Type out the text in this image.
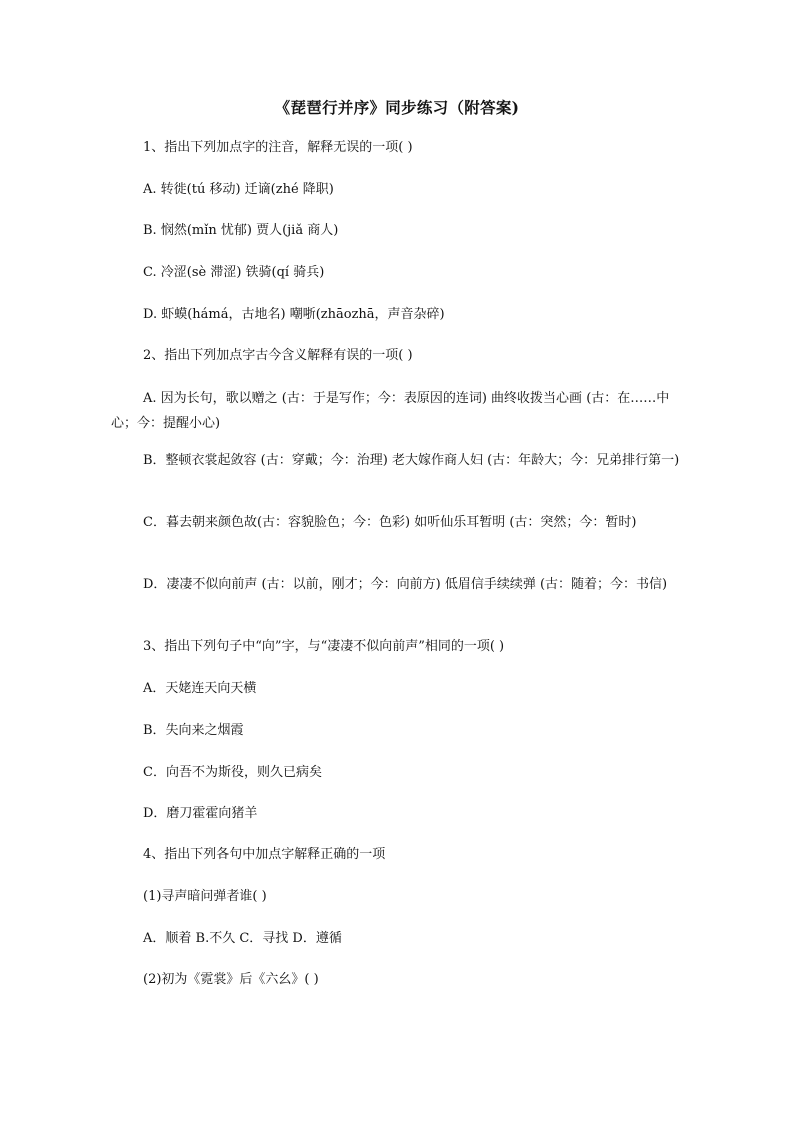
《琵琶行并序》同步练习（附答案)
1、指出下列加点字的注音，解释无误的一项( )
A. 转徙(tú 移动) 迁谪(zhé 降职)
B. 悯然(mǐn 忧郁) 贾人(jiǎ 商人)
C. 冷涩(sè 滞涩) 铁骑(qí 骑兵)
D. 虾蟆(hámá，古地名) 嘲哳(zhāozhā，声音杂碎)
2、指出下列加点字古今含义解释有误的一项( )
A. 因为长句，歌以赠之 (古：于是写作；今：表原因的连词) 曲终收拨当心画 (古：在……中心；今：提醒小心)
B．整顿衣裳起敛容 (古：穿戴；今：治理) 老大嫁作商人妇 (古：年龄大；今：兄弟排行第一)
C．暮去朝来颜色故(古：容貌脸色；今：色彩) 如听仙乐耳暂明 (古：突然；今：暂时)
D．凄凄不似向前声 (古：以前，刚才；今：向前方) 低眉信手续续弹 (古：随着；今：书信)
3、指出下列句子中“向”字，与“凄凄不似向前声”相同的一项( )
A．天姥连天向天横
B．失向来之烟霞
C．向吾不为斯役，则久已病矣
D．磨刀霍霍向猪羊
4、指出下列各句中加点字解释正确的一项
(1)寻声暗问弹者谁( )
A．顺着 B.不久 C．寻找 D．遵循
(2)初为《霓裳》后《六幺》( )
